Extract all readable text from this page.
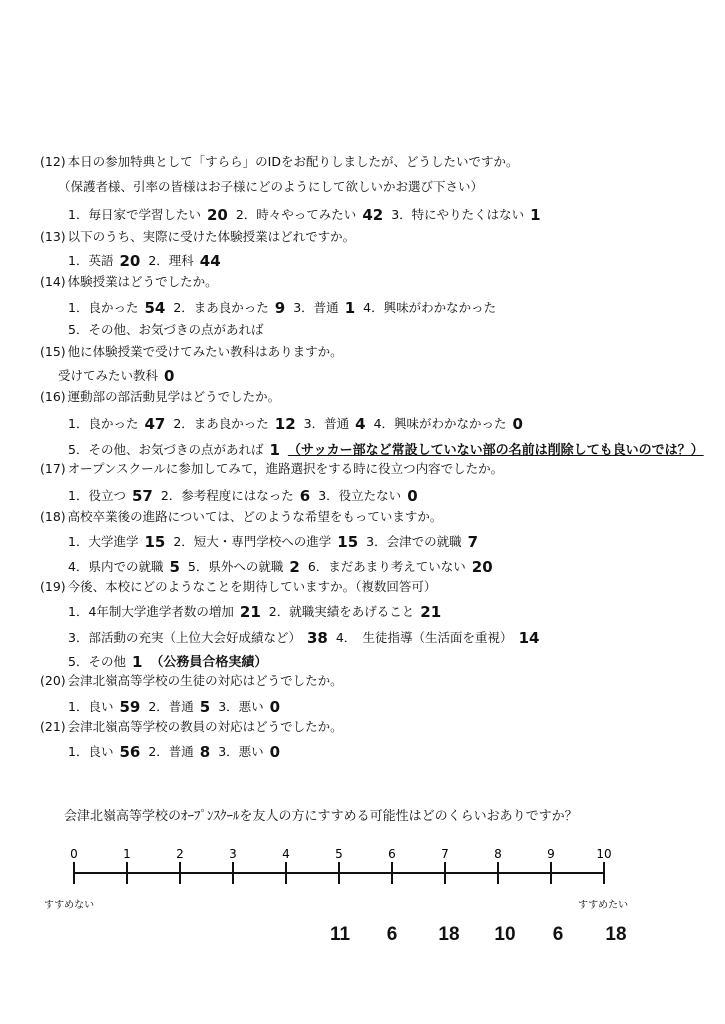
(12) 本日の参加特典として「すらら」のIDをお配りしましたが、どうしたいですか。
（保護者様、引率の皆様はお子様にどのようにして欲しいかお選び下さい）
1．毎日家で学習したい 20 2．時々やってみたい 42 3．特にやりたくはない 1
(13) 以下のうち、実際に受けた体験授業はどれですか。
1．英語 20 2．理科 44
(14) 体験授業はどうでしたか。
1．良かった 54 2．まあ良かった 9 3．普通 1 4．興味がわかなかった
5．その他、お気づきの点があれば
(15) 他に体験授業で受けてみたい教科はありますか。
受けてみたい教科 0
(16) 運動部の部活動見学はどうでしたか。
1．良かった 47 2．まあ良かった 12 3．普通 4 4．興味がわかなかった 0
5．その他、お気づきの点があれば 1 （サッカー部など常設していない部の名前は削除しても良いのでは？）
(17) オープンスクールに参加してみて，進路選択をする時に役立つ内容でしたか。
1．役立つ 57 2．参考程度にはなった 6 3．役立たない 0
(18) 高校卒業後の進路については、どのような希望をもっていますか。
1．大学進学 15 2．短大・専門学校への進学 15 3．会津での就職 7
4．県内での就職 5 5．県外への就職 2 6．まだあまり考えていない 20
(19) 今後、本校にどのようなことを期待していますか。（複数回答可）
1．4年制大学進学者数の増加 21 2．就職実績をあげること 21
3．部活動の充実（上位大会好成績など） 38 4．　生徒指導（生活面を重視） 14
5．その他 1 （公務員合格実績）
(20) 会津北嶺高等学校の生徒の対応はどうでしたか。
1．良い 59 2．普通 5 3．悪い 0
(21) 会津北嶺高等学校の教員の対応はどうでしたか。
1．良い 56 2．普通 8 3．悪い 0
会津北嶺高等学校のｵｰﾌﾟﾝｽｸｰﾙを友人の方にすすめる可能性はどのくらいおありですか？
0	1	2	3	4	5	6	7	8	9	10
すすめない	すすめたい
11	6	18	10	6	18
